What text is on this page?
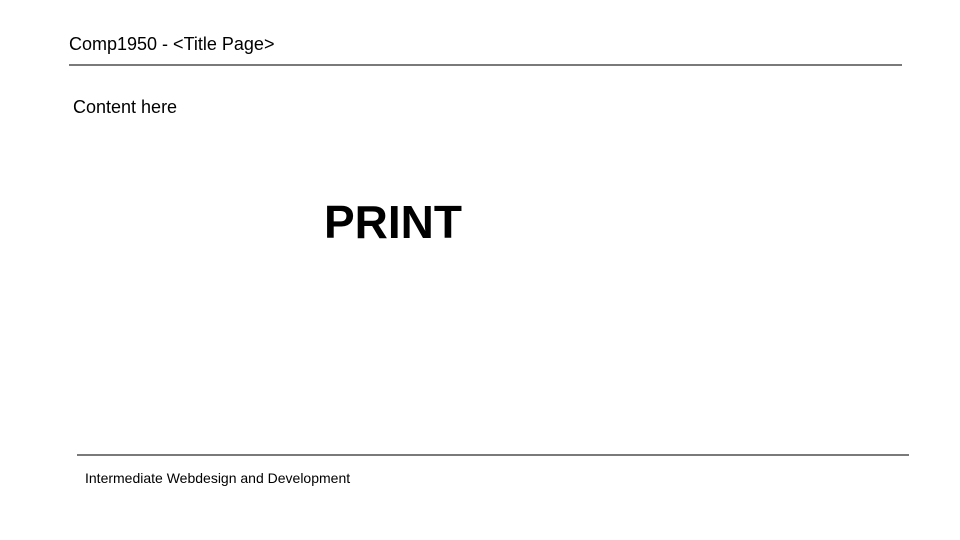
Comp1950 - <Title Page>
Content here
PRINT
Intermediate Webdesign and Development
